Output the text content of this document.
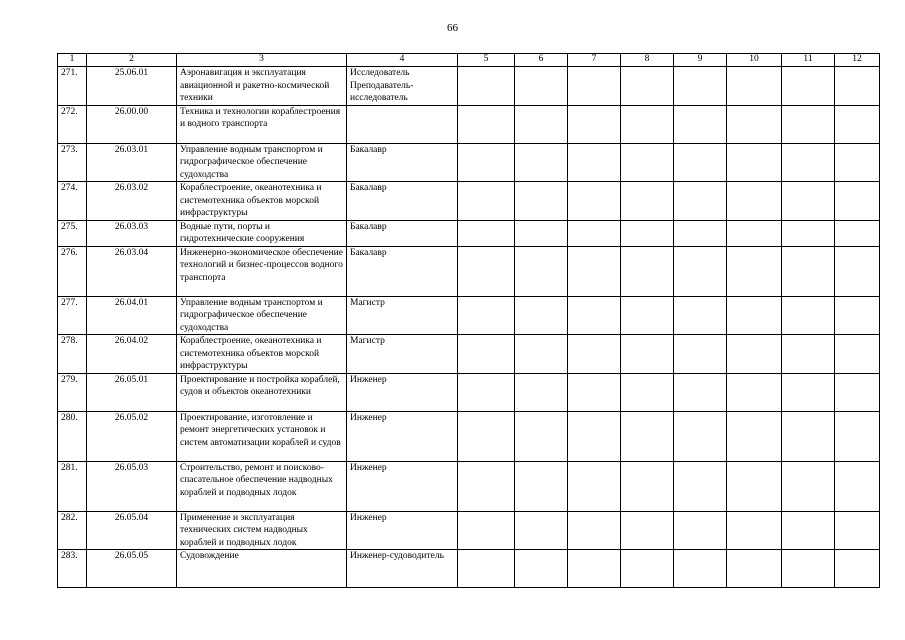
66
1	2	3	4	5	6	7	8	9	10	11	12
271.	25.06.01	Аэронавигация и эксплуатация авиационной и ракетно-космической техники	Исследователь Преподаватель-исследователь								
272.	26.00.00	Техника и технологии кораблестроения и водного транспорта									
273.	26.03.01	Управление водным транспортом и гидрографическое обеспечение судоходства	Бакалавр								
274.	26.03.02	Кораблестроение, океанотехника и системотехника объектов морской инфраструктуры	Бакалавр								
275.	26.03.03	Водные пути, порты и гидротехнические сооружения	Бакалавр								
276.	26.03.04	Инженерно-экономическое обеспечение технологий и бизнес-процессов водного транспорта	Бакалавр								
277.	26.04.01	Управление водным транспортом и гидрографическое обеспечение судоходства	Магистр								
278.	26.04.02	Кораблестроение, океанотехника и системотехника объектов морской инфраструктуры	Магистр								
279.	26.05.01	Проектирование и постройка кораблей, судов и объектов океанотехники	Инженер								
280.	26.05.02	Проектирование, изготовление и ремонт энергетических установок и систем автоматизации кораблей и судов	Инженер								
281.	26.05.03	Строительство, ремонт и поисково-спасательное обеспечение надводных кораблей и подводных лодок	Инженер								
282.	26.05.04	Применение и эксплуатация технических систем надводных кораблей и подводных лодок	Инженер								
283.	26.05.05	Судовождение	Инженер-судоводитель								
